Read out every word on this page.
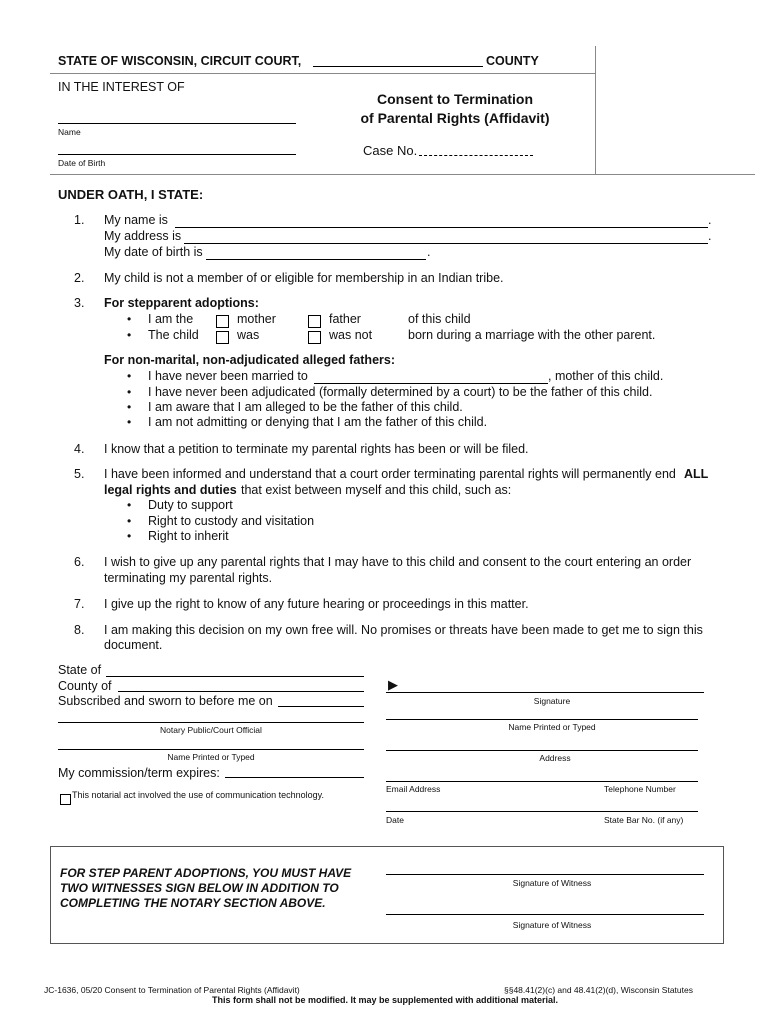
STATE OF WISCONSIN, CIRCUIT COURT,	COUNTY
IN THE INTEREST OF
Name
Date of Birth
Consent to Termination
of Parental Rights (Affidavit)
Case No.
UNDER OATH, I STATE:
1. My name is	.
My address is	.
My date of birth is	.
2. My child is not a member of or eligible for membership in an Indian tribe.
3. For stepparent adoptions:
• I am the	mother	father	of this child
• The child	was	was not	born during a marriage with the other parent.
For non-marital, non-adjudicated alleged fathers:
• I have never been married to	, mother of this child.
• I have never been adjudicated (formally determined by a court) to be the father of this child.
• I am aware that I am alleged to be the father of this child.
• I am not admitting or denying that I am the father of this child.
4. I know that a petition to terminate my parental rights has been or will be filed.
5. I have been informed and understand that a court order terminating parental rights will permanently end ALL
legal rights and duties that exist between myself and this child, such as:
• Duty to support
• Right to custody and visitation
• Right to inherit
6. I wish to give up any parental rights that I may have to this child and consent to the court entering an order
terminating my parental rights.
7. I give up the right to know of any future hearing or proceedings in this matter.
8. I am making this decision on my own free will. No promises or threats have been made to get me to sign this
document.
State of
County of
Subscribed and sworn to before me on
Notary Public/Court Official
Name Printed or Typed
My commission/term expires:
This notarial act involved the use of communication technology.
▶
Signature
Name Printed or Typed
Address
Email Address	Telephone Number
Date	State Bar No. (if any)
FOR STEP PARENT ADOPTIONS, YOU MUST HAVE
TWO WITNESSES SIGN BELOW IN ADDITION TO
COMPLETING THE NOTARY SECTION ABOVE.
Signature of Witness
Signature of Witness
JC-1636, 05/20 Consent to Termination of Parental Rights (Affidavit)	§§48.41(2)(c) and 48.41(2)(d), Wisconsin Statutes
This form shall not be modified. It may be supplemented with additional material.
